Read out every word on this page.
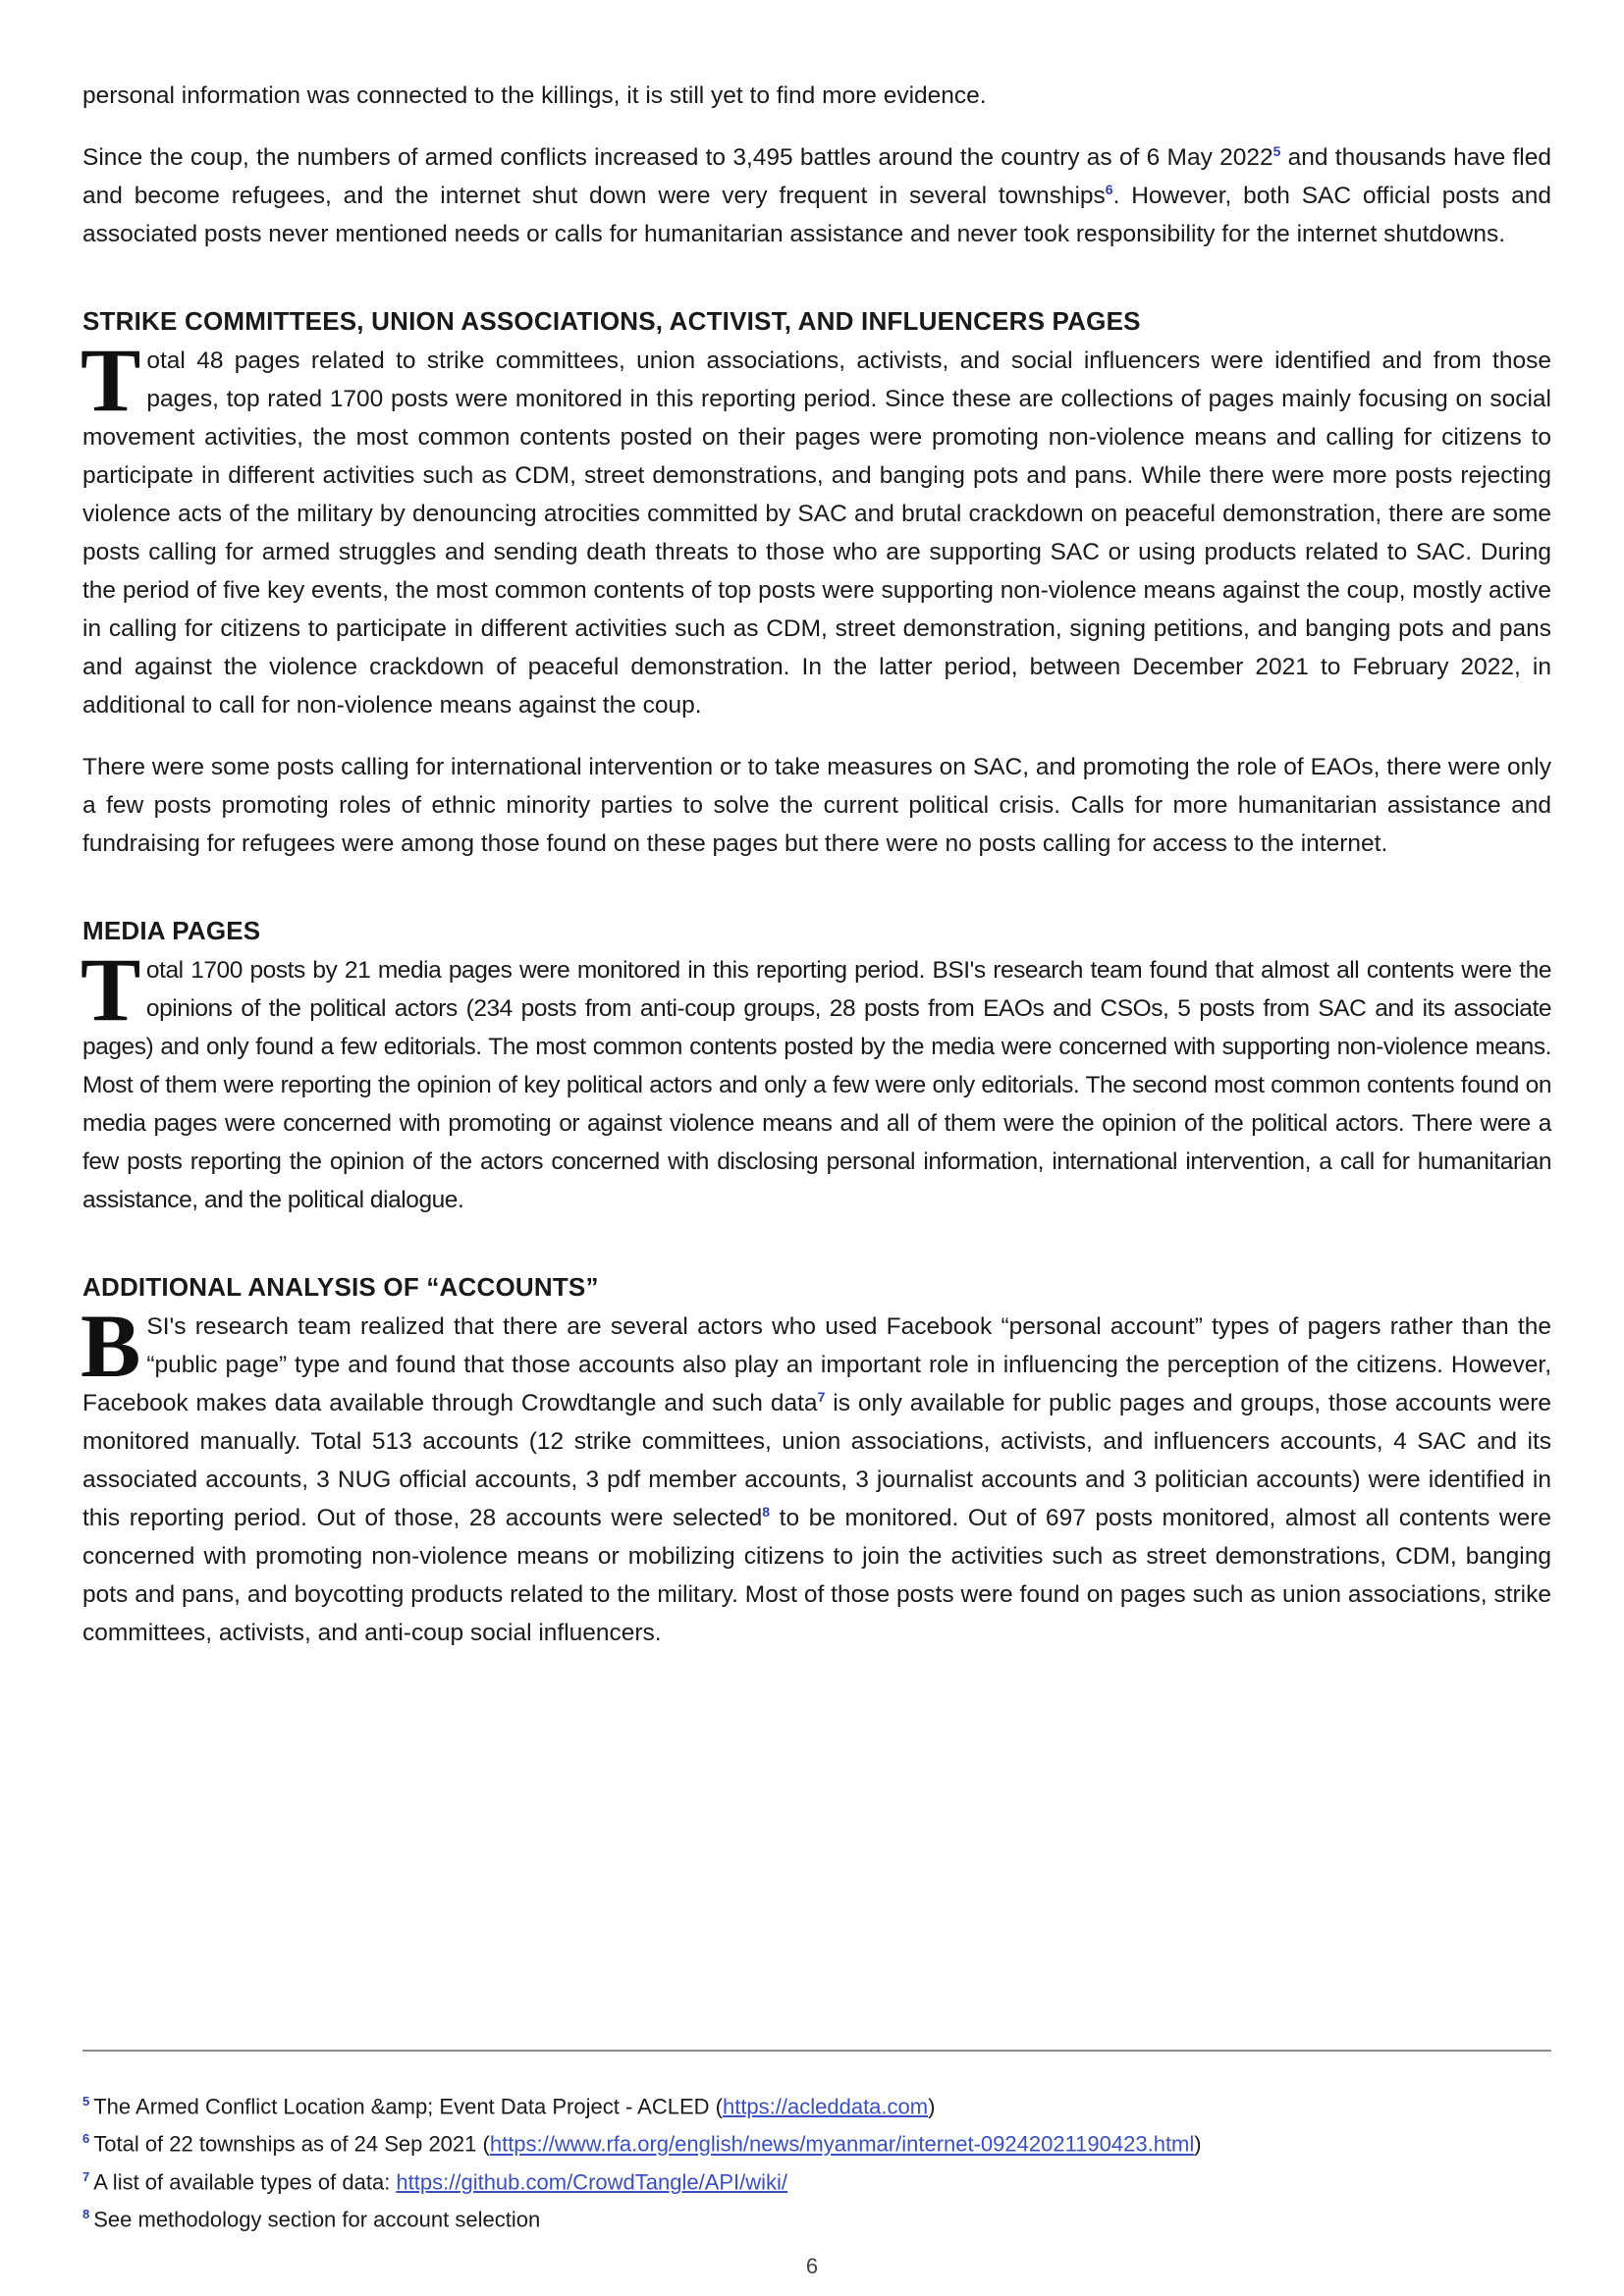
personal information was connected to the killings, it is still yet to find more evidence.

Since the coup, the numbers of armed conflicts increased to 3,495 battles around the country as of 6 May 2022$^5$ and thousands have fled and become refugees, and the internet shut down were very frequent in several townships$^6$. However, both SAC official posts and associated posts never mentioned needs or calls for humanitarian assistance and never took responsibility for the internet shutdowns.

STRIKE COMMITTEES, UNION ASSOCIATIONS, ACTIVIST, AND INFLUENCERS PAGES

Total 48 pages related to strike committees, union associations, activists, and social influencers were identified and from those pages, top rated 1700 posts were monitored in this reporting period. Since these are collections of pages mainly focusing on social movement activities, the most common contents posted on their pages were promoting non-violence means and calling for citizens to participate in different activities such as CDM, street demonstrations, and banging pots and pans. While there were more posts rejecting violence acts of the military by denouncing atrocities committed by SAC and brutal crackdown on peaceful demonstration, there are some posts calling for armed struggles and sending death threats to those who are supporting SAC or using products related to SAC. During the period of five key events, the most common contents of top posts were supporting non-violence means against the coup, mostly active in calling for citizens to participate in different activities such as CDM, street demonstration, signing petitions, and banging pots and pans and against the violence crackdown of peaceful demonstration. In the latter period, between December 2021 to February 2022, in additional to call for non-violence means against the coup.

There were some posts calling for international intervention or to take measures on SAC, and promoting the role of EAOs, there were only a few posts promoting roles of ethnic minority parties to solve the current political crisis. Calls for more humanitarian assistance and fundraising for refugees were among those found on these pages but there were no posts calling for access to the internet.

MEDIA PAGES

Total 1700 posts by 21 media pages were monitored in this reporting period. BSI's research team found that almost all contents were the opinions of the political actors (234 posts from anti-coup groups, 28 posts from EAOs and CSOs, 5 posts from SAC and its associate pages) and only found a few editorials. The most common contents posted by the media were concerned with supporting non-violence means. Most of them were reporting the opinion of key political actors and only a few were only editorials. The second most common contents found on media pages were concerned with promoting or against violence means and all of them were the opinion of the political actors. There were a few posts reporting the opinion of the actors concerned with disclosing personal information, international intervention, a call for humanitarian assistance, and the political dialogue.

ADDITIONAL ANALYSIS OF “ACCOUNTS”

BSI's research team realized that there are several actors who used Facebook “personal account” types of pagers rather than the “public page” type and found that those accounts also play an important role in influencing the perception of the citizens. However, Facebook makes data available through Crowdtangle and such data$^7$ is only available for public pages and groups, those accounts were monitored manually. Total 513 accounts (12 strike committees, union associations, activists, and influencers accounts, 4 SAC and its associated accounts, 3 NUG official accounts, 3 pdf member accounts, 3 journalist accounts and 3 politician accounts) were identified in this reporting period. Out of those, 28 accounts were selected$^8$ to be monitored. Out of 697 posts monitored, almost all contents were concerned with promoting non-violence means or mobilizing citizens to join the activities such as street demonstrations, CDM, banging pots and pans, and boycotting products related to the military. Most of those posts were found on pages such as union associations, strike committees, activists, and anti-coup social influencers.

$^5$ The Armed Conflict Location &amp; Event Data Project - ACLED (https://acleddata.com)
$^6$ Total of 22 townships as of 24 Sep 2021 (https://www.rfa.org/english/news/myanmar/internet-09242021190423.html)
$^7$ A list of available types of data: https://github.com/CrowdTangle/API/wiki/
$^8$ See methodology section for account selection
6
